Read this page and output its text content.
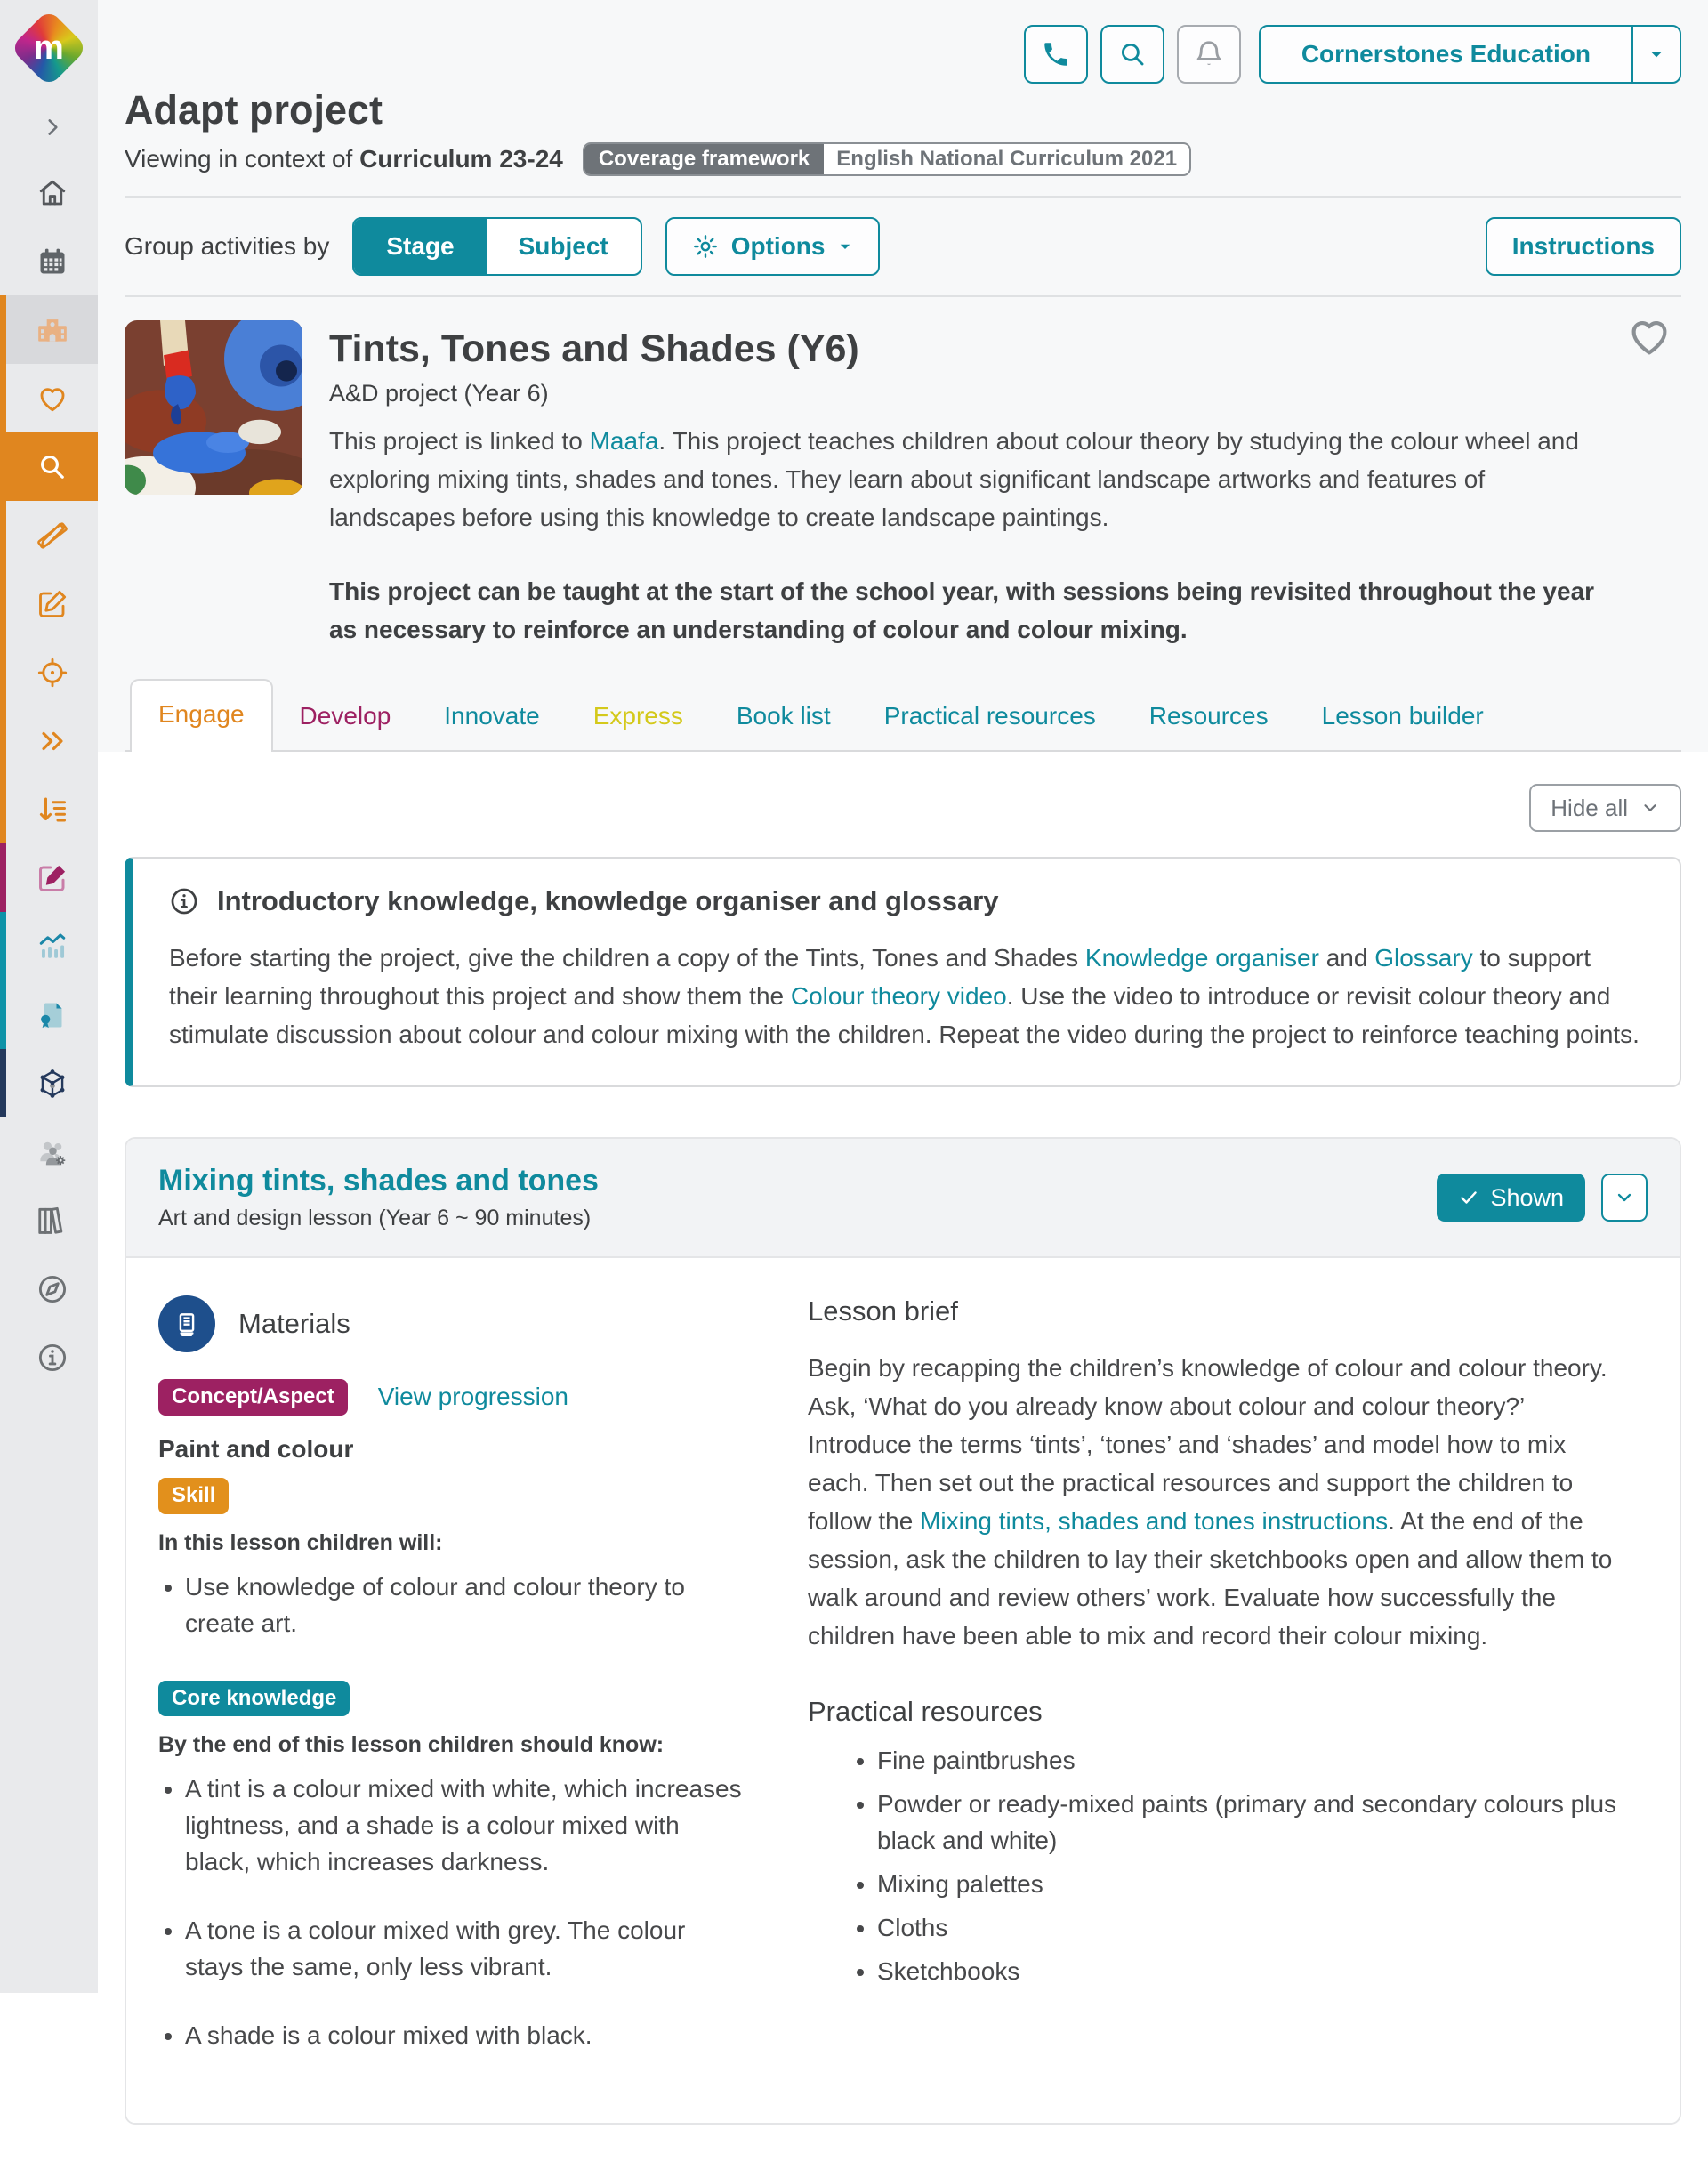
m	Cornerstones Education
Adapt project
Viewing in context of Curriculum 23-24	Coverage framework	English National Curriculum 2021
Group activities by	Stage	Subject	Options	Instructions
Tints, Tones and Shades (Y6)
A&D project (Year 6)
This project is linked to Maafa. This project teaches children about colour theory by studying the colour wheel and exploring mixing tints, shades and tones. They learn about significant landscape artworks and features of landscapes before using this knowledge to create landscape paintings.
This project can be taught at the start of the school year, with sessions being revisited throughout the year as necessary to reinforce an understanding of colour and colour mixing.
Engage	Develop	Innovate	Express	Book list	Practical resources	Resources	Lesson builder
Hide all
Introductory knowledge, knowledge organiser and glossary
Before starting the project, give the children a copy of the Tints, Tones and Shades Knowledge organiser and Glossary to support their learning throughout this project and show them the Colour theory video. Use the video to introduce or revisit colour theory and stimulate discussion about colour and colour mixing with the children. Repeat the video during the project to reinforce teaching points.
Mixing tints, shades and tones
Art and design lesson (Year 6 ~ 90 minutes)
Shown
Materials
Concept/Aspect	View progression
Paint and colour
Skill
In this lesson children will:
• Use knowledge of colour and colour theory to create art.
Core knowledge
By the end of this lesson children should know:
• A tint is a colour mixed with white, which increases lightness, and a shade is a colour mixed with black, which increases darkness.
• A tone is a colour mixed with grey. The colour stays the same, only less vibrant.
• A shade is a colour mixed with black.
Lesson brief
Begin by recapping the children’s knowledge of colour and colour theory. Ask, ‘What do you already know about colour and colour theory?’ Introduce the terms ‘tints’, ‘tones’ and ‘shades’ and model how to mix each. Then set out the practical resources and support the children to follow the Mixing tints, shades and tones instructions. At the end of the session, ask the children to lay their sketchbooks open and allow them to walk around and review others’ work. Evaluate how successfully the children have been able to mix and record their colour mixing.
Practical resources
• Fine paintbrushes
• Powder or ready-mixed paints (primary and secondary colours plus black and white)
• Mixing palettes
• Cloths
• Sketchbooks
